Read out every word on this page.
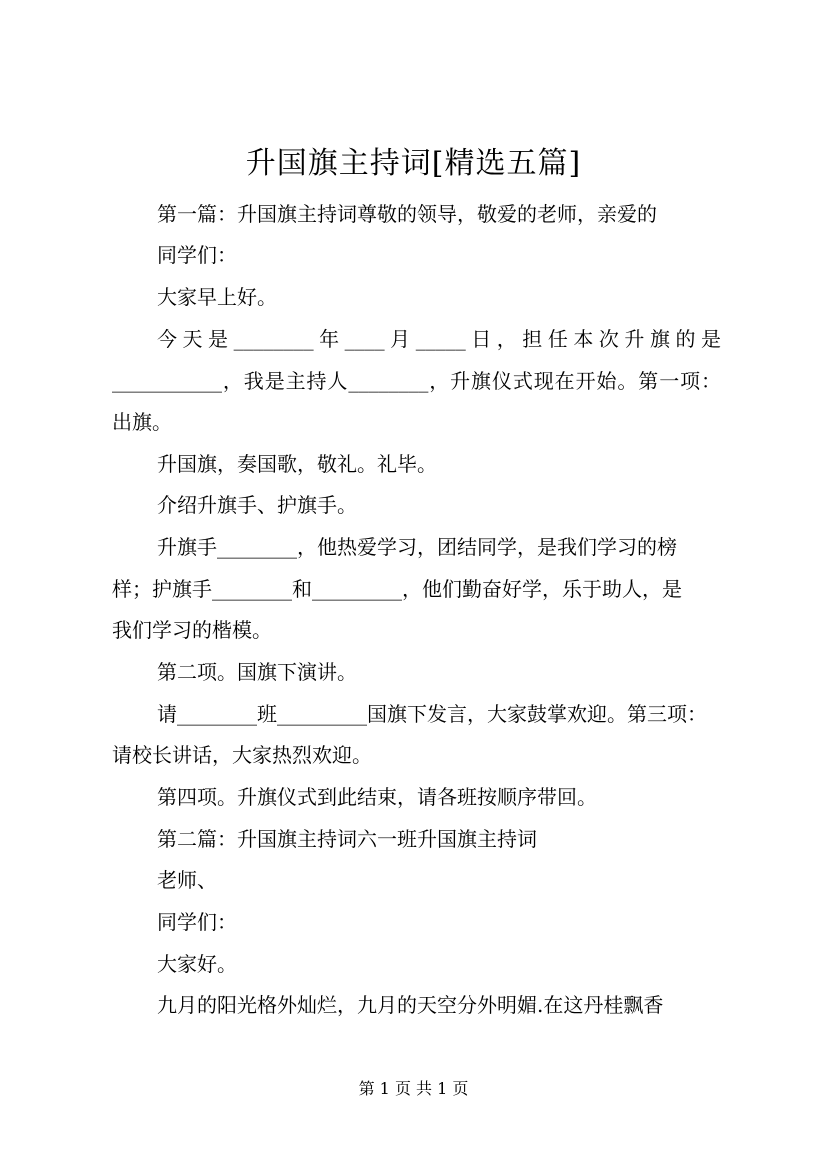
升国旗主持词[精选五篇]
第一篇：升国旗主持词尊敬的领导，敬爱的老师，亲爱的
同学们：
大家早上好。
今天是________年____月_____日，担任本次升旗的是
___________，我是主持人________，升旗仪式现在开始。第一项：
出旗。
升国旗，奏国歌，敬礼。礼毕。
介绍升旗手、护旗手。
升旗手________，他热爱学习，团结同学，是我们学习的榜
样；护旗手________和_________，他们勤奋好学，乐于助人，是
我们学习的楷模。
第二项。国旗下演讲。
请________班_________国旗下发言，大家鼓掌欢迎。第三项：
请校长讲话，大家热烈欢迎。
第四项。升旗仪式到此结束，请各班按顺序带回。
第二篇：升国旗主持词六一班升国旗主持词
老师、
同学们：
大家好。
九月的阳光格外灿烂，九月的天空分外明媚.在这丹桂飘香
第 1 页 共 1 页
